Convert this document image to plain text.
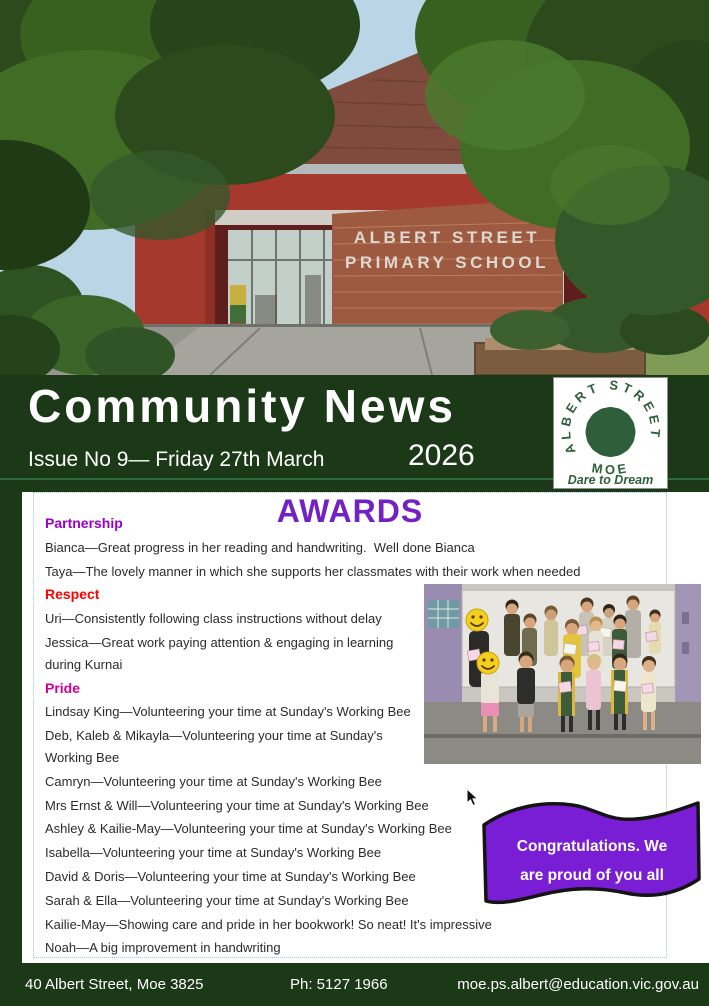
ALBERT STREET
PRIMARY SCHOOL
Community News
Issue No 9— Friday 27th March	2026	ALBERT STREET
MOE
Dare to Dream
AWARDS

Partnership

Bianca—Great progress in her reading and handwriting.  Well done Bianca

Taya—The lovely manner in which she supports her classmates with their work when needed

Respect

Uri—Consistently following class instructions without delay

Jessica—Great work paying attention & engaging in learning during Kurnai

Pride

Lindsay King—Volunteering your time at Sunday's Working Bee

Deb, Kaleb & Mikayla—Volunteering your time at Sunday's Working Bee

Camryn—Volunteering your time at Sunday's Working Bee

Mrs Ernst & Will—Volunteering your time at Sunday's Working Bee

Ashley & Kailie-May—Volunteering your time at Sunday's Working Bee

Isabella—Volunteering your time at Sunday's Working Bee

David & Doris—Volunteering your time at Sunday's Working Bee

Sarah & Ella—Volunteering your time at Sunday's Working Bee

Kailie-May—Showing care and pride in her bookwork! So neat! It's impressive

Noah—A big improvement in handwriting

Congratulations. We
are proud of you all
40 Albert Street, Moe 3825	Ph: 5127 1966	moe.ps.albert@education.vic.gov.au
